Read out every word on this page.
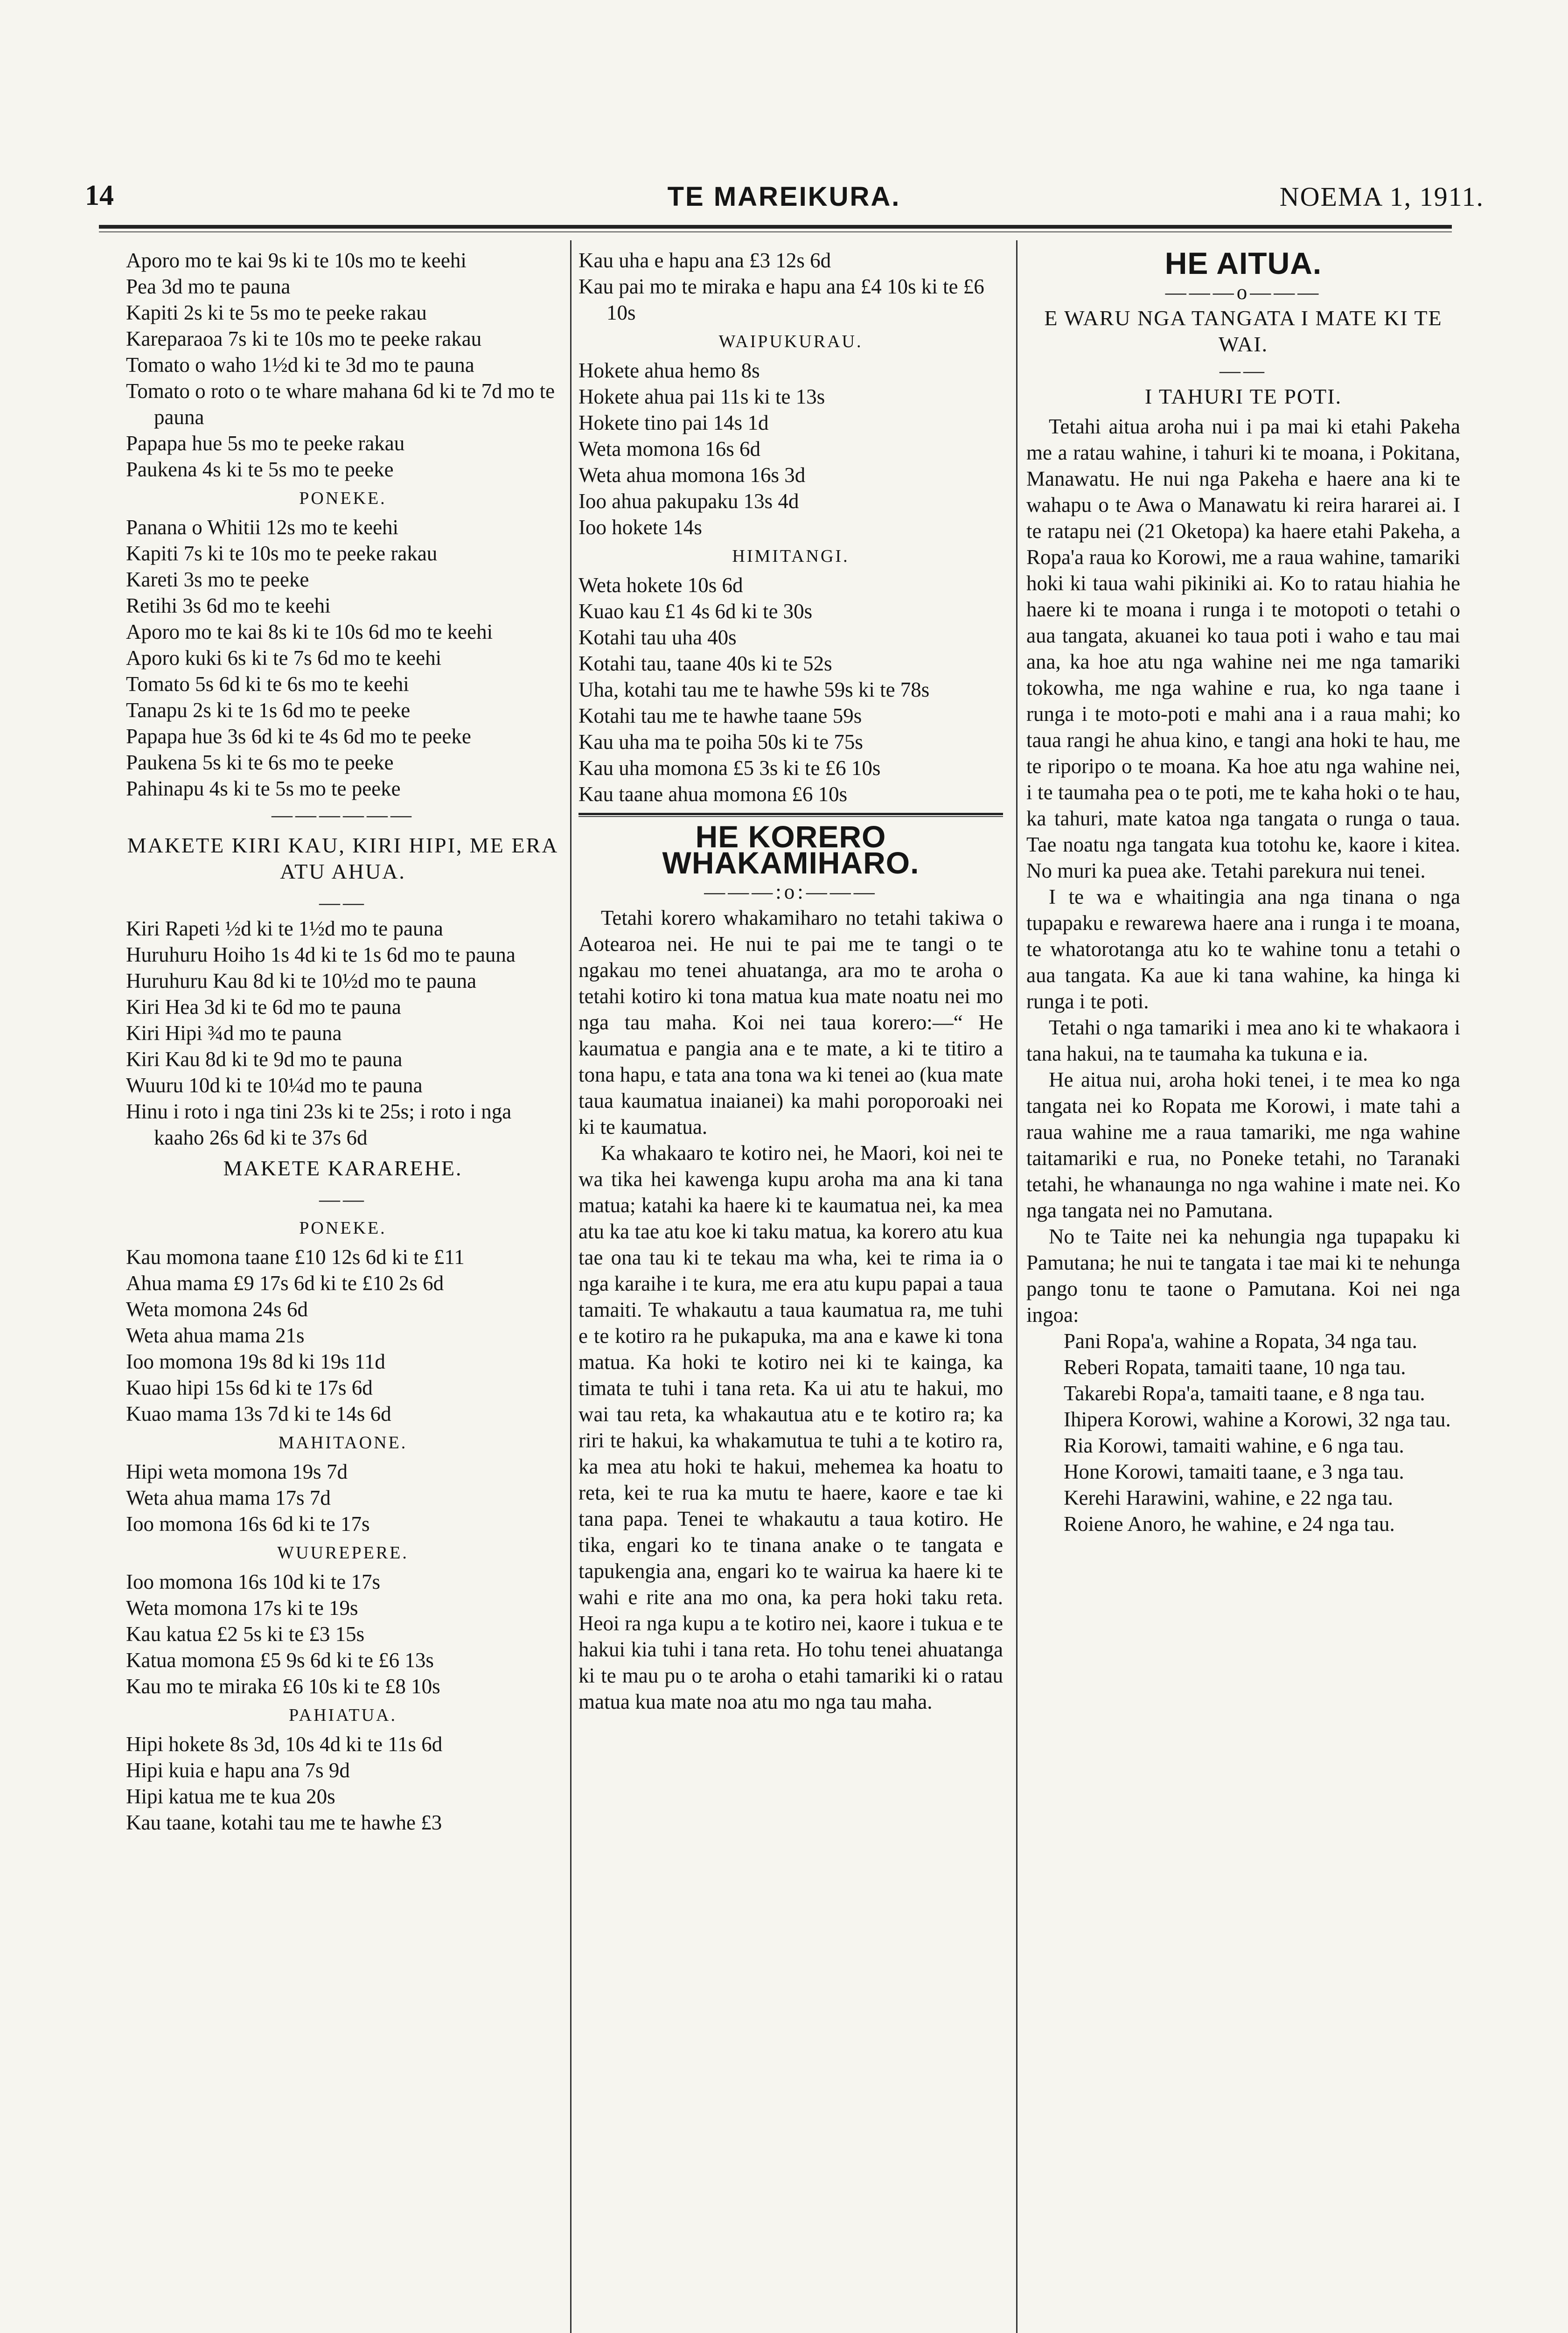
14	TE MAREIKURA.	NOEMA 1, 1911.
Aporo mo te kai 9s ki te 10s mo te keehi
Pea 3d mo te pauna
Kapiti 2s ki te 5s mo te peeke rakau
Kareparaoa 7s ki te 10s mo te peeke rakau
Tomato o waho 1½d ki te 3d mo te pauna
Tomato o roto o te whare mahana 6d ki te 7d mo te pauna
Papapa hue 5s mo te peeke rakau
Paukena 4s ki te 5s mo te peeke
PONEKE.
Panana o Whitii 12s mo te keehi
Kapiti 7s ki te 10s mo te peeke rakau
Kareti 3s mo te peeke
Retihi 3s 6d mo te keehi
Aporo mo te kai 8s ki te 10s 6d mo te keehi
Aporo kuki 6s ki te 7s 6d mo te keehi
Tomato 5s 6d ki te 6s mo te keehi
Tanapu 2s ki te 1s 6d mo te peeke
Papapa hue 3s 6d ki te 4s 6d mo te peeke
Paukena 5s ki te 6s mo te peeke
Pahinapu 4s ki te 5s mo te peeke
——————
MAKETE KIRI KAU, KIRI HIPI, ME ERA ATU AHUA.
——
Kiri Rapeti ½d ki te 1½d mo te pauna
Huruhuru Hoiho 1s 4d ki te 1s 6d mo te pauna
Huruhuru Kau 8d ki te 10½d mo te pauna
Kiri Hea 3d ki te 6d mo te pauna
Kiri Hipi ¾d mo te pauna
Kiri Kau 8d ki te 9d mo te pauna
Wuuru 10d ki te 10¼d mo te pauna
Hinu i roto i nga tini 23s ki te 25s; i roto i nga kaaho 26s 6d ki te 37s 6d
MAKETE KARAREHE.
——
PONEKE.
Kau momona taane £10 12s 6d ki te £11
Ahua mama £9 17s 6d ki te £10 2s 6d
Weta momona 24s 6d
Weta ahua mama 21s
Ioo momona 19s 8d ki 19s 11d
Kuao hipi 15s 6d ki te 17s 6d
Kuao mama 13s 7d ki te 14s 6d
MAHITAONE.
Hipi weta momona 19s 7d
Weta ahua mama 17s 7d
Ioo momona 16s 6d ki te 17s
WUUREPERE.
Ioo momona 16s 10d ki te 17s
Weta momona 17s ki te 19s
Kau katua £2 5s ki te £3 15s
Katua momona £5 9s 6d ki te £6 13s
Kau mo te miraka £6 10s ki te £8 10s
PAHIATUA.
Hipi hokete 8s 3d, 10s 4d ki te 11s 6d
Hipi kuia e hapu ana 7s 9d
Hipi katua me te kua 20s
Kau taane, kotahi tau me te hawhe £3
Kau uha e hapu ana £3 12s 6d
Kau pai mo te miraka e hapu ana £4 10s ki te £6 10s
WAIPUKURAU.
Hokete ahua hemo 8s
Hokete ahua pai 11s ki te 13s
Hokete tino pai 14s 1d
Weta momona 16s 6d
Weta ahua momona 16s 3d
Ioo ahua pakupaku 13s 4d
Ioo hokete 14s
HIMITANGI.
Weta hokete 10s 6d
Kuao kau £1 4s 6d ki te 30s
Kotahi tau uha 40s
Kotahi tau, taane 40s ki te 52s
Uha, kotahi tau me te hawhe 59s ki te 78s
Kotahi tau me te hawhe taane 59s
Kau uha ma te poiha 50s ki te 75s
Kau uha momona £5 3s ki te £6 10s
Kau taane ahua momona £6 10s
HE KORERO WHAKAMIHARO.
———:o:———
Tetahi korero whakamiharo no tetahi takiwa o Aotearoa nei. He nui te pai me te tangi o te ngakau mo tenei ahuatanga, ara mo te aroha o tetahi kotiro ki tona matua kua mate noatu nei mo nga tau maha. Koi nei taua korero:—“ He kaumatua e pangia ana e te mate, a ki te titiro a tona hapu, e tata ana tona wa ki tenei ao (kua mate taua kaumatua inaianei) ka mahi poroporoaki nei ki te kaumatua.
Ka whakaaro te kotiro nei, he Maori, koi nei te wa tika hei kawenga kupu aroha ma ana ki tana matua; katahi ka haere ki te kaumatua nei, ka mea atu ka tae atu koe ki taku matua, ka korero atu kua tae ona tau ki te tekau ma wha, kei te rima ia o nga karaihe i te kura, me era atu kupu papai a taua tamaiti. Te whakautu a taua kaumatua ra, me tuhi e te kotiro ra he pukapuka, ma ana e kawe ki tona matua. Ka hoki te kotiro nei ki te kainga, ka timata te tuhi i tana reta. Ka ui atu te hakui, mo wai tau reta, ka whakautua atu e te kotiro ra; ka riri te hakui, ka whakamutua te tuhi a te kotiro ra, ka mea atu hoki te hakui, mehemea ka hoatu to reta, kei te rua ka mutu te haere, kaore e tae ki tana papa. Tenei te whakautu a taua kotiro. He tika, engari ko te tinana anake o te tangata e tapukengia ana, engari ko te wairua ka haere ki te wahi e rite ana mo ona, ka pera hoki taku reta. Heoi ra nga kupu a te kotiro nei, kaore i tukua e te hakui kia tuhi i tana reta. Ho tohu tenei ahuatanga ki te mau pu o te aroha o etahi tamariki ki o ratau matua kua mate noa atu mo nga tau maha.
HE AITUA.
———o———
E WARU NGA TANGATA I MATE KI TE WAI.
——
I TAHURI TE POTI.
Tetahi aitua aroha nui i pa mai ki etahi Pakeha me a ratau wahine, i tahuri ki te moana, i Pokitana, Manawatu. He nui nga Pakeha e haere ana ki te wahapu o te Awa o Manawatu ki reira hararei ai. I te ratapu nei (21 Oketopa) ka haere etahi Pakeha, a Ropa'a raua ko Korowi, me a raua wahine, tamariki hoki ki taua wahi pikiniki ai. Ko to ratau hiahia he haere ki te moana i runga i te motopoti o tetahi o aua tangata, akuanei ko taua poti i waho e tau mai ana, ka hoe atu nga wahine nei me nga tamariki tokowha, me nga wahine e rua, ko nga taane i runga i te moto-poti e mahi ana i a raua mahi; ko taua rangi he ahua kino, e tangi ana hoki te hau, me te riporipo o te moana. Ka hoe atu nga wahine nei, i te taumaha pea o te poti, me te kaha hoki o te hau, ka tahuri, mate katoa nga tangata o runga o taua. Tae noatu nga tangata kua totohu ke, kaore i kitea. No muri ka puea ake. Tetahi parekura nui tenei.
I te wa e whaitingia ana nga tinana o nga tupapaku e rewarewa haere ana i runga i te moana, te whatorotanga atu ko te wahine tonu a tetahi o aua tangata. Ka aue ki tana wahine, ka hinga ki runga i te poti.
Tetahi o nga tamariki i mea ano ki te whakaora i tana hakui, na te taumaha ka tukuna e ia.
He aitua nui, aroha hoki tenei, i te mea ko nga tangata nei ko Ropata me Korowi, i mate tahi a raua wahine me a raua tamariki, me nga wahine taitamariki e rua, no Poneke tetahi, no Taranaki tetahi, he whanaunga no nga wahine i mate nei. Ko nga tangata nei no Pamutana.
No te Taite nei ka nehungia nga tupapaku ki Pamutana; he nui te tangata i tae mai ki te nehunga pango tonu te taone o Pamutana. Koi nei nga ingoa:
Pani Ropa'a, wahine a Ropata, 34 nga tau.
Reberi Ropata, tamaiti taane, 10 nga tau.
Takarebi Ropa'a, tamaiti taane, e 8 nga tau.
Ihipera Korowi, wahine a Korowi, 32 nga tau.
Ria Korowi, tamaiti wahine, e 6 nga tau.
Hone Korowi, tamaiti taane, e 3 nga tau.
Kerehi Harawini, wahine, e 22 nga tau.
Roiene Anoro, he wahine, e 24 nga tau.
